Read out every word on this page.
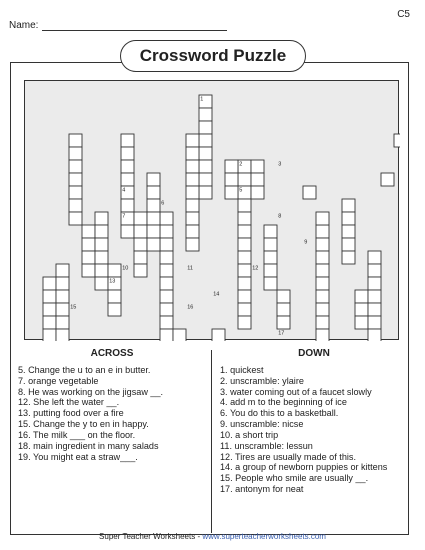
C5
Name:
Crossword Puzzle
1
2	3
4	5
6
7	8
9
10	11	12
13
14
15	16
17
ACROSS
5. Change the u to an e in butter.
7. orange vegetable
8. He was working on the jigsaw __.
12. She left the water __.
13. putting food over a fire
15. Change the y to en in happy.
16. The milk ___ on the floor.
18. main ingredient in many salads
19. You might eat a straw___.
DOWN
1. quickest
2. unscramble: ylaire
3. water coming out of a faucet slowly
4. add m to the beginning of ice
6. You do this to a basketball.
9. unscramble: nicse
10. a short trip
11. unscramble: lessun
12. Tires are usually made of this.
14. a group of newborn puppies or kittens
15. People who smile are usually __.
17. antonym for neat
Super Teacher Worksheets - www.superteacherworksheets.com
